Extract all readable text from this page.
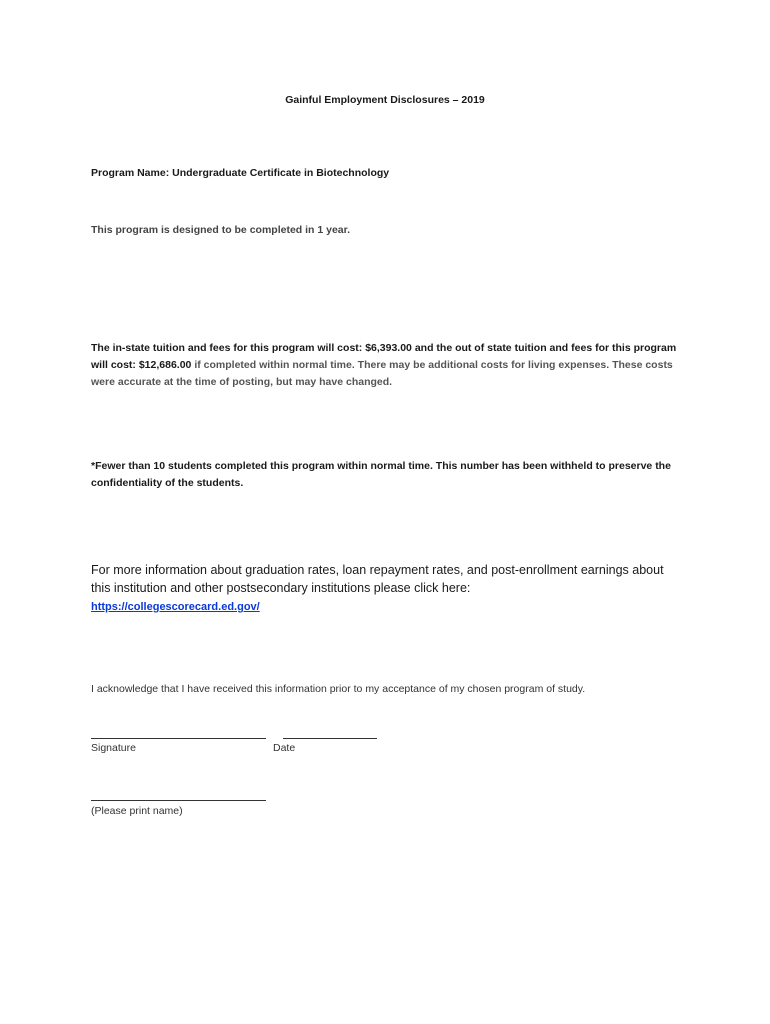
Gainful Employment Disclosures – 2019
Program Name: Undergraduate Certificate in Biotechnology
This program is designed to be completed in 1 year.
The in-state tuition and fees for this program will cost: $6,393.00 and the out of state tuition and fees for this program will cost: $12,686.00 if completed within normal time. There may be additional costs for living expenses. These costs were accurate at the time of posting, but may have changed.
*Fewer than 10 students completed this program within normal time. This number has been withheld to preserve the confidentiality of the students.
For more information about graduation rates, loan repayment rates, and post-enrollment earnings about this institution and other postsecondary institutions please click here:
https://collegescorecard.ed.gov/
I acknowledge that I have received this information prior to my acceptance of my chosen program of study.
Signature	Date
(Please print name)
